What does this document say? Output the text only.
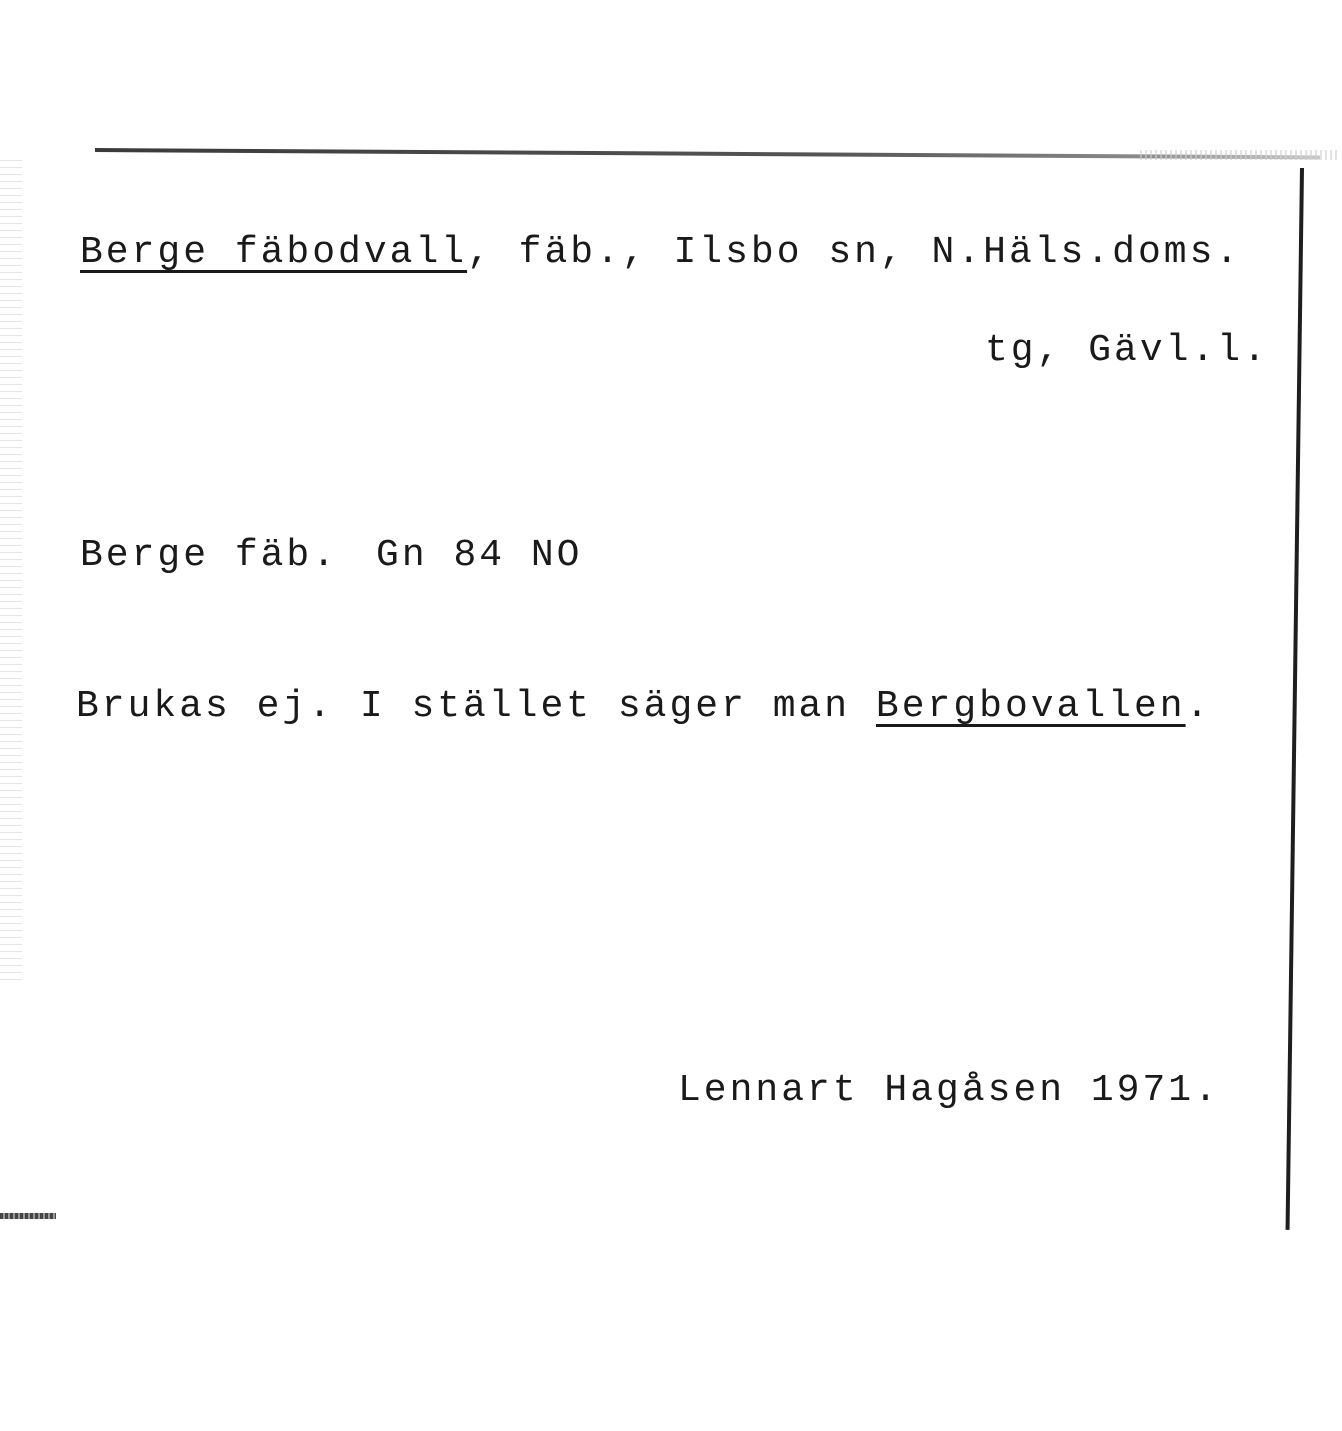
Berge fäbodvall, fäb., Ilsbo sn, N.Häls.doms.
tg, Gävl.l.
Berge fäb. Gn 84 NO
Brukas ej. I stället säger man Bergbovallen.
Lennart Hagåsen 1971.
